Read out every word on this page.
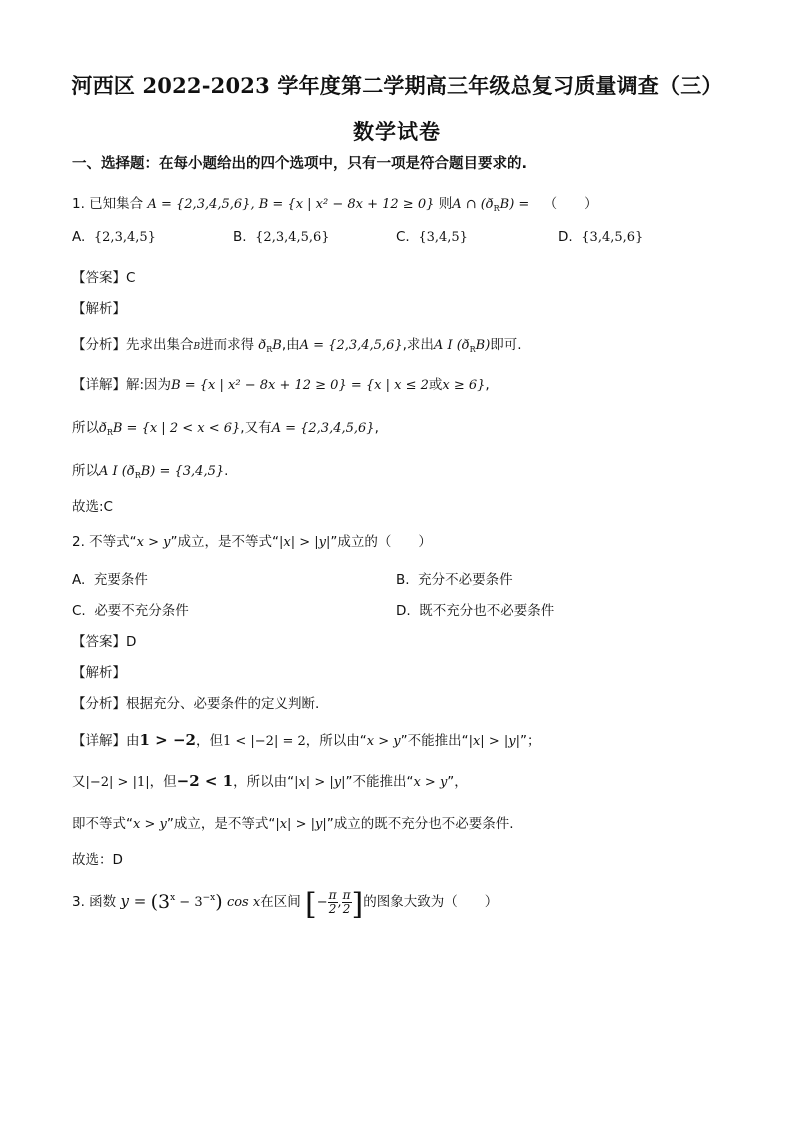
河西区 2022-2023 学年度第二学期高三年级总复习质量调查（三）
数学试卷
一、选择题：在每小题给出的四个选项中，只有一项是符合题目要求的.
1. 已知集合 A = {2,3,4,5,6}, B = {x | x² − 8x + 12 ≥ 0} 则A ∩ $(ð_RB)$ = （　　）
A. {2,3,4,5}	B. {2,3,4,5,6}	C. {3,4,5}	D. {3,4,5,6}
【答案】C
【解析】
【分析】先求出集合B进而求得 $ð_RB$,由A = {2,3,4,5,6},求出A I $(ð_RB)$即可.
【详解】解:因为B = {x | x² − 8x + 12 ≥ 0} = {x | x ≤ 2或x ≥ 6},
所以$ð_RB = \{x$ | 2 < x < 6},又有A = {2,3,4,5,6},
所以A I $(ð_RB) = \{3,4,5\}$.
故选:C
2. 不等式“x > y”成立，是不等式“|x| > |y|”成立的（　　）
A. 充要条件	B. 充分不必要条件
C. 必要不充分条件	D. 既不充分也不必要条件
【答案】D
【解析】
【分析】根据充分、必要条件的定义判断.
【详解】由1 > −2，但1 < |−2| = 2，所以由“x > y”不能推出“|x| > |y|”；
又|−2| > |1|，但−2 < 1，所以由“|x| > |y|”不能推出“x > y”，
即不等式“x > y”成立，是不等式“|x| > |y|”成立的既不充分也不必要条件.
故选：D
3. 函数 $y = (3^x - 3^{-x})$ cos x在区间 [− $\frac{\pi}{2}$ , $\frac{\pi}{2}$ ]的图象大致为（　　）
